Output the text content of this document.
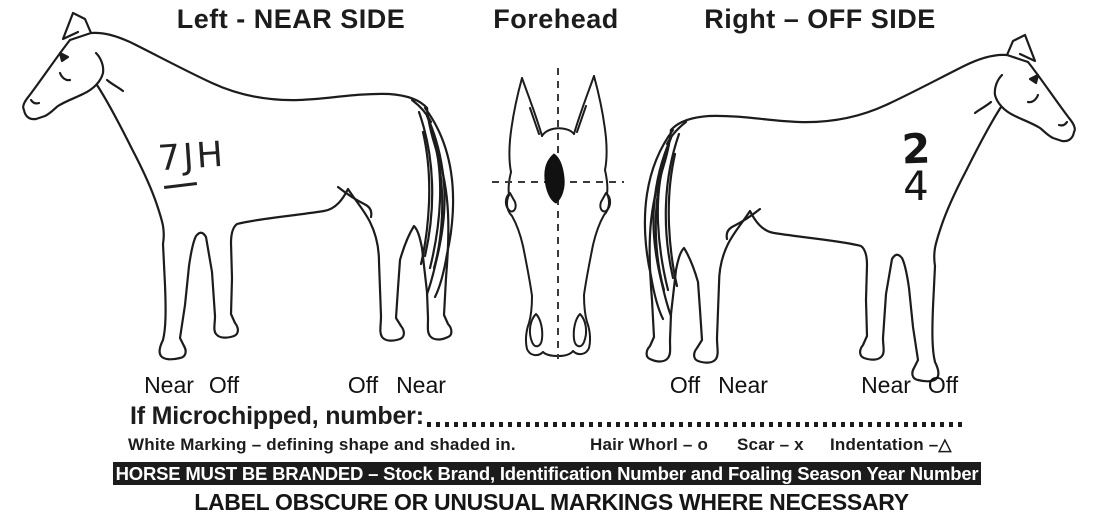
Left - NEAR SIDE	Forehead	Right – OFF SIDE
7JH	2
4
Near Off	Off Near	Off Near	Near Off
If Microchipped, number:
White Marking – defining shape and shaded in.	Hair Whorl – o Scar – x Indentation –△
HORSE MUST BE BRANDED – Stock Brand, Identification Number and Foaling Season Year Number
LABEL OBSCURE OR UNUSUAL MARKINGS WHERE NECESSARY
